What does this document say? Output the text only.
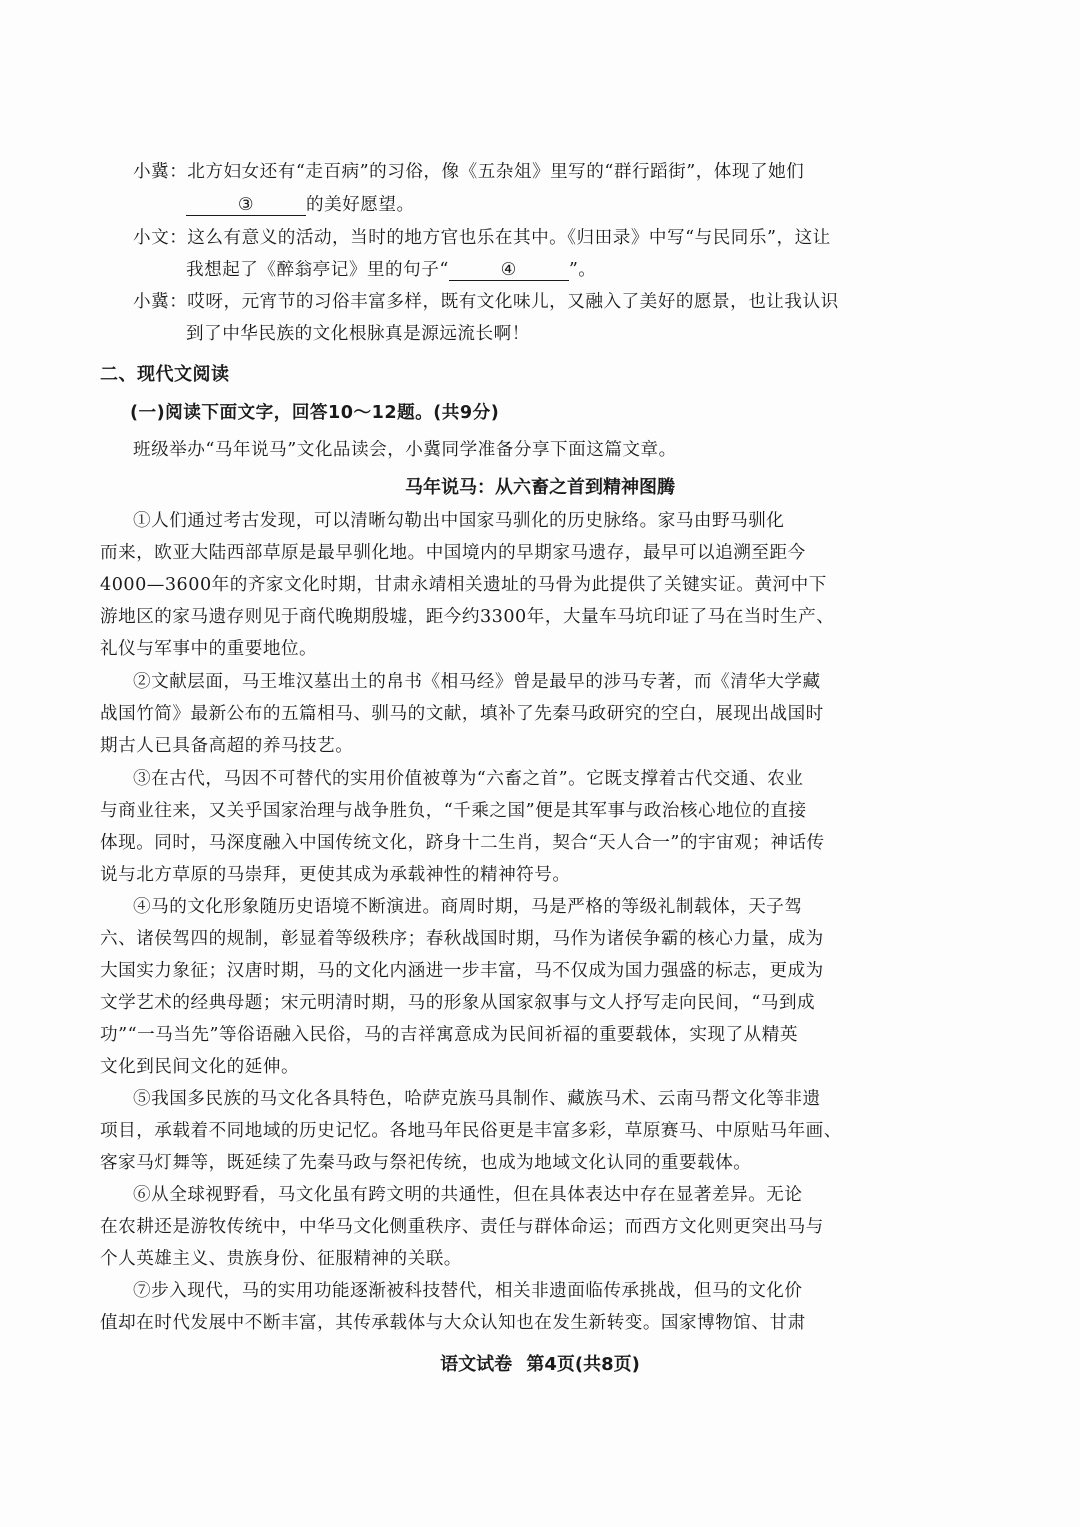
小冀：北方妇女还有“走百病”的习俗，像《五杂俎》里写的“群行蹈街”，体现了她们
③	的美好愿望。
小文：这么有意义的活动，当时的地方官也乐在其中。《归田录》中写“与民同乐”，这让
我想起了《醉翁亭记》里的句子“	④	”。
小冀：哎呀，元宵节的习俗丰富多样，既有文化味儿，又融入了美好的愿景，也让我认识
到了中华民族的文化根脉真是源远流长啊！
二、现代文阅读
(一)阅读下面文字，回答10～12题。(共9分)
班级举办“马年说马”文化品读会，小冀同学准备分享下面这篇文章。
马年说马：从六畜之首到精神图腾
①人们通过考古发现，可以清晰勾勒出中国家马驯化的历史脉络。家马由野马驯化
而来，欧亚大陆西部草原是最早驯化地。中国境内的早期家马遗存，最早可以追溯至距今
4000—3600年的齐家文化时期，甘肃永靖相关遗址的马骨为此提供了关键实证。黄河中下
游地区的家马遗存则见于商代晚期殷墟，距今约3300年，大量车马坑印证了马在当时生产、
礼仪与军事中的重要地位。
②文献层面，马王堆汉墓出土的帛书《相马经》曾是最早的涉马专著，而《清华大学藏
战国竹简》最新公布的五篇相马、驯马的文献，填补了先秦马政研究的空白，展现出战国时
期古人已具备高超的养马技艺。
③在古代，马因不可替代的实用价值被尊为“六畜之首”。它既支撑着古代交通、农业
与商业往来，又关乎国家治理与战争胜负，“千乘之国”便是其军事与政治核心地位的直接
体现。同时，马深度融入中国传统文化，跻身十二生肖，契合“天人合一”的宇宙观；神话传
说与北方草原的马崇拜，更使其成为承载神性的精神符号。
④马的文化形象随历史语境不断演进。商周时期，马是严格的等级礼制载体，天子驾
六、诸侯驾四的规制，彰显着等级秩序；春秋战国时期，马作为诸侯争霸的核心力量，成为
大国实力象征；汉唐时期，马的文化内涵进一步丰富，马不仅成为国力强盛的标志，更成为
文学艺术的经典母题；宋元明清时期，马的形象从国家叙事与文人抒写走向民间，“马到成
功”“一马当先”等俗语融入民俗，马的吉祥寓意成为民间祈福的重要载体，实现了从精英
文化到民间文化的延伸。
⑤我国多民族的马文化各具特色，哈萨克族马具制作、藏族马术、云南马帮文化等非遗
项目，承载着不同地域的历史记忆。各地马年民俗更是丰富多彩，草原赛马、中原贴马年画、
客家马灯舞等，既延续了先秦马政与祭祀传统，也成为地域文化认同的重要载体。
⑥从全球视野看，马文化虽有跨文明的共通性，但在具体表达中存在显著差异。无论
在农耕还是游牧传统中，中华马文化侧重秩序、责任与群体命运；而西方文化则更突出马与
个人英雄主义、贵族身份、征服精神的关联。
⑦步入现代，马的实用功能逐渐被科技替代，相关非遗面临传承挑战，但马的文化价
值却在时代发展中不断丰富，其传承载体与大众认知也在发生新转变。国家博物馆、甘肃
语文试卷 第4页(共8页)
